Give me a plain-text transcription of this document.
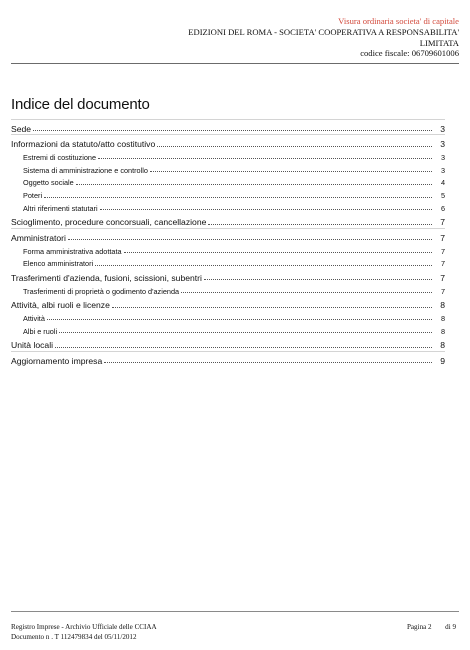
Visura ordinaria societa' di capitale
EDIZIONI DEL ROMA - SOCIETA' COOPERATIVA A RESPONSABILITA' LIMITATA
codice fiscale: 06709601006
Indice del documento
Sede	3
Informazioni da statuto/atto costitutivo	3
Estremi di costituzione	3
Sistema di amministrazione e controllo	3
Oggetto sociale	4
Poteri	5
Altri riferimenti statutari	6
Scioglimento, procedure concorsuali, cancellazione	7
Amministratori	7
Forma amministrativa adottata	7
Elenco amministratori	7
Trasferimenti d'azienda, fusioni, scissioni, subentri	7
Trasferimenti di proprietà o godimento d'azienda	7
Attività, albi ruoli e licenze	8
Attività	8
Albi e ruoli	8
Unità locali	8
Aggiornamento impresa	9
Registro Imprese - Archivio Ufficiale delle CCIAA
Documento n . T 112479834 del 05/11/2012
Pagina 2 di 9
